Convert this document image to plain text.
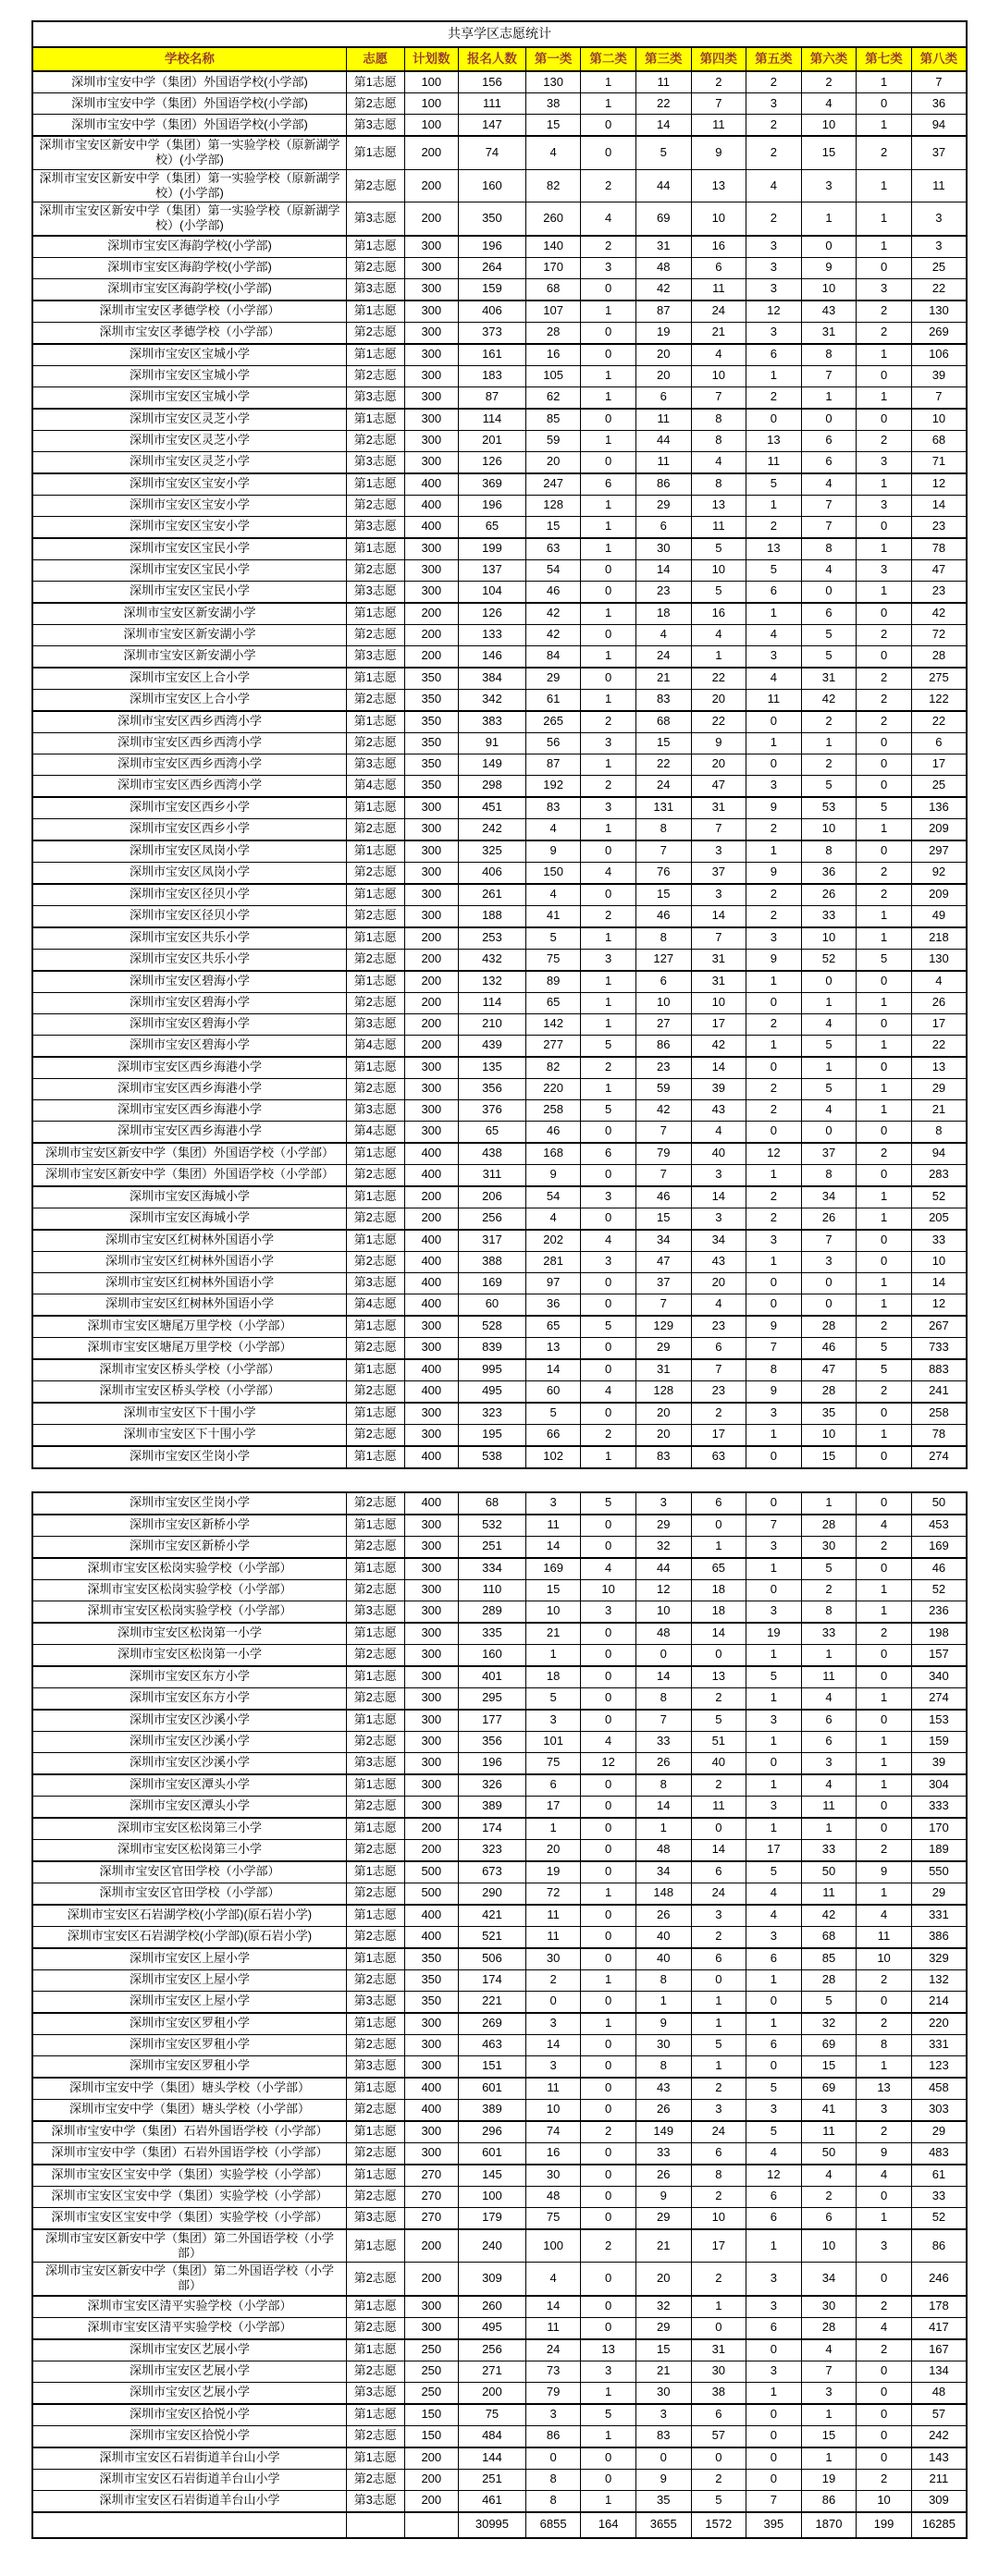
共享学区志愿统计											
学校名称	志愿	计划数	报名人数	第一类	第二类	第三类	第四类	第五类	第六类	第七类	第八类
深圳市宝安中学（集团）外国语学校(小学部)	第1志愿	100	156	130	1	11	2	2	2	1	7
深圳市宝安中学（集团）外国语学校(小学部)	第2志愿	100	111	38	1	22	7	3	4	0	36
深圳市宝安中学（集团）外国语学校(小学部)	第3志愿	100	147	15	0	14	11	2	10	1	94
深圳市宝安区新安中学（集团）第一实验学校（原新湖学校）(小学部)	第1志愿	200	74	4	0	5	9	2	15	2	37
深圳市宝安区新安中学（集团）第一实验学校（原新湖学校）(小学部)	第2志愿	200	160	82	2	44	13	4	3	1	11
深圳市宝安区新安中学（集团）第一实验学校（原新湖学校）(小学部)	第3志愿	200	350	260	4	69	10	2	1	1	3
深圳市宝安区海韵学校(小学部)	第1志愿	300	196	140	2	31	16	3	0	1	3
深圳市宝安区海韵学校(小学部)	第2志愿	300	264	170	3	48	6	3	9	0	25
深圳市宝安区海韵学校(小学部)	第3志愿	300	159	68	0	42	11	3	10	3	22
深圳市宝安区孝德学校（小学部）	第1志愿	300	406	107	1	87	24	12	43	2	130
深圳市宝安区孝德学校（小学部）	第2志愿	300	373	28	0	19	21	3	31	2	269
深圳市宝安区宝城小学	第1志愿	300	161	16	0	20	4	6	8	1	106
深圳市宝安区宝城小学	第2志愿	300	183	105	1	20	10	1	7	0	39
深圳市宝安区宝城小学	第3志愿	300	87	62	1	6	7	2	1	1	7
深圳市宝安区灵芝小学	第1志愿	300	114	85	0	11	8	0	0	0	10
深圳市宝安区灵芝小学	第2志愿	300	201	59	1	44	8	13	6	2	68
深圳市宝安区灵芝小学	第3志愿	300	126	20	0	11	4	11	6	3	71
深圳市宝安区宝安小学	第1志愿	400	369	247	6	86	8	5	4	1	12
深圳市宝安区宝安小学	第2志愿	400	196	128	1	29	13	1	7	3	14
深圳市宝安区宝安小学	第3志愿	400	65	15	1	6	11	2	7	0	23
深圳市宝安区宝民小学	第1志愿	300	199	63	1	30	5	13	8	1	78
深圳市宝安区宝民小学	第2志愿	300	137	54	0	14	10	5	4	3	47
深圳市宝安区宝民小学	第3志愿	300	104	46	0	23	5	6	0	1	23
深圳市宝安区新安湖小学	第1志愿	200	126	42	1	18	16	1	6	0	42
深圳市宝安区新安湖小学	第2志愿	200	133	42	0	4	4	4	5	2	72
深圳市宝安区新安湖小学	第3志愿	200	146	84	1	24	1	3	5	0	28
深圳市宝安区上合小学	第1志愿	350	384	29	0	21	22	4	31	2	275
深圳市宝安区上合小学	第2志愿	350	342	61	1	83	20	11	42	2	122
深圳市宝安区西乡西湾小学	第1志愿	350	383	265	2	68	22	0	2	2	22
深圳市宝安区西乡西湾小学	第2志愿	350	91	56	3	15	9	1	1	0	6
深圳市宝安区西乡西湾小学	第3志愿	350	149	87	1	22	20	0	2	0	17
深圳市宝安区西乡西湾小学	第4志愿	350	298	192	2	24	47	3	5	0	25
深圳市宝安区西乡小学	第1志愿	300	451	83	3	131	31	9	53	5	136
深圳市宝安区西乡小学	第2志愿	300	242	4	1	8	7	2	10	1	209
深圳市宝安区凤岗小学	第1志愿	300	325	9	0	7	3	1	8	0	297
深圳市宝安区凤岗小学	第2志愿	300	406	150	4	76	37	9	36	2	92
深圳市宝安区径贝小学	第1志愿	300	261	4	0	15	3	2	26	2	209
深圳市宝安区径贝小学	第2志愿	300	188	41	2	46	14	2	33	1	49
深圳市宝安区共乐小学	第1志愿	200	253	5	1	8	7	3	10	1	218
深圳市宝安区共乐小学	第2志愿	200	432	75	3	127	31	9	52	5	130
深圳市宝安区碧海小学	第1志愿	200	132	89	1	6	31	1	0	0	4
深圳市宝安区碧海小学	第2志愿	200	114	65	1	10	10	0	1	1	26
深圳市宝安区碧海小学	第3志愿	200	210	142	1	27	17	2	4	0	17
深圳市宝安区碧海小学	第4志愿	200	439	277	5	86	42	1	5	1	22
深圳市宝安区西乡海港小学	第1志愿	300	135	82	2	23	14	0	1	0	13
深圳市宝安区西乡海港小学	第2志愿	300	356	220	1	59	39	2	5	1	29
深圳市宝安区西乡海港小学	第3志愿	300	376	258	5	42	43	2	4	1	21
深圳市宝安区西乡海港小学	第4志愿	300	65	46	0	7	4	0	0	0	8
深圳市宝安区新安中学（集团）外国语学校（小学部）	第1志愿	400	438	168	6	79	40	12	37	2	94
深圳市宝安区新安中学（集团）外国语学校（小学部）	第2志愿	400	311	9	0	7	3	1	8	0	283
深圳市宝安区海城小学	第1志愿	200	206	54	3	46	14	2	34	1	52
深圳市宝安区海城小学	第2志愿	200	256	4	0	15	3	2	26	1	205
深圳市宝安区红树林外国语小学	第1志愿	400	317	202	4	34	34	3	7	0	33
深圳市宝安区红树林外国语小学	第2志愿	400	388	281	3	47	43	1	3	0	10
深圳市宝安区红树林外国语小学	第3志愿	400	169	97	0	37	20	0	0	1	14
深圳市宝安区红树林外国语小学	第4志愿	400	60	36	0	7	4	0	0	1	12
深圳市宝安区塘尾万里学校（小学部）	第1志愿	300	528	65	5	129	23	9	28	2	267
深圳市宝安区塘尾万里学校（小学部）	第2志愿	300	839	13	0	29	6	7	46	5	733
深圳市宝安区桥头学校（小学部）	第1志愿	400	995	14	0	31	7	8	47	5	883
深圳市宝安区桥头学校（小学部）	第2志愿	400	495	60	4	128	23	9	28	2	241
深圳市宝安区下十围小学	第1志愿	300	323	5	0	20	2	3	35	0	258
深圳市宝安区下十围小学	第2志愿	300	195	66	2	20	17	1	10	1	78
深圳市宝安区坣岗小学	第1志愿	400	538	102	1	83	63	0	15	0	274
深圳市宝安区坣岗小学	第2志愿	400	68	3	5	3	6	0	1	0	50
深圳市宝安区新桥小学	第1志愿	300	532	11	0	29	0	7	28	4	453
深圳市宝安区新桥小学	第2志愿	300	251	14	0	32	1	3	30	2	169
深圳市宝安区松岗实验学校（小学部）	第1志愿	300	334	169	4	44	65	1	5	0	46
深圳市宝安区松岗实验学校（小学部）	第2志愿	300	110	15	10	12	18	0	2	1	52
深圳市宝安区松岗实验学校（小学部）	第3志愿	300	289	10	3	10	18	3	8	1	236
深圳市宝安区松岗第一小学	第1志愿	300	335	21	0	48	14	19	33	2	198
深圳市宝安区松岗第一小学	第2志愿	300	160	1	0	0	0	1	1	0	157
深圳市宝安区东方小学	第1志愿	300	401	18	0	14	13	5	11	0	340
深圳市宝安区东方小学	第2志愿	300	295	5	0	8	2	1	4	1	274
深圳市宝安区沙溪小学	第1志愿	300	177	3	0	7	5	3	6	0	153
深圳市宝安区沙溪小学	第2志愿	300	356	101	4	33	51	1	6	1	159
深圳市宝安区沙溪小学	第3志愿	300	196	75	12	26	40	0	3	1	39
深圳市宝安区潭头小学	第1志愿	300	326	6	0	8	2	1	4	1	304
深圳市宝安区潭头小学	第2志愿	300	389	17	0	14	11	3	11	0	333
深圳市宝安区松岗第三小学	第1志愿	200	174	1	0	1	0	1	1	0	170
深圳市宝安区松岗第三小学	第2志愿	200	323	20	0	48	14	17	33	2	189
深圳市宝安区官田学校（小学部）	第1志愿	500	673	19	0	34	6	5	50	9	550
深圳市宝安区官田学校（小学部）	第2志愿	500	290	72	1	148	24	4	11	1	29
深圳市宝安区石岩湖学校(小学部)(原石岩小学)	第1志愿	400	421	11	0	26	3	4	42	4	331
深圳市宝安区石岩湖学校(小学部)(原石岩小学)	第2志愿	400	521	11	0	40	2	3	68	11	386
深圳市宝安区上屋小学	第1志愿	350	506	30	0	40	6	6	85	10	329
深圳市宝安区上屋小学	第2志愿	350	174	2	1	8	0	1	28	2	132
深圳市宝安区上屋小学	第3志愿	350	221	0	0	1	1	0	5	0	214
深圳市宝安区罗租小学	第1志愿	300	269	3	1	9	1	1	32	2	220
深圳市宝安区罗租小学	第2志愿	300	463	14	0	30	5	6	69	8	331
深圳市宝安区罗租小学	第3志愿	300	151	3	0	8	1	0	15	1	123
深圳市宝安中学（集团）塘头学校（小学部）	第1志愿	400	601	11	0	43	2	5	69	13	458
深圳市宝安中学（集团）塘头学校（小学部）	第2志愿	400	389	10	0	26	3	3	41	3	303
深圳市宝安中学（集团）石岩外国语学校（小学部）	第1志愿	300	296	74	2	149	24	5	11	2	29
深圳市宝安中学（集团）石岩外国语学校（小学部）	第2志愿	300	601	16	0	33	6	4	50	9	483
深圳市宝安区宝安中学（集团）实验学校（小学部）	第1志愿	270	145	30	0	26	8	12	4	4	61
深圳市宝安区宝安中学（集团）实验学校（小学部）	第2志愿	270	100	48	0	9	2	6	2	0	33
深圳市宝安区宝安中学（集团）实验学校（小学部）	第3志愿	270	179	75	0	29	10	6	6	1	52
深圳市宝安区新安中学（集团）第二外国语学校（小学部）	第1志愿	200	240	100	2	21	17	1	10	3	86
深圳市宝安区新安中学（集团）第二外国语学校（小学部）	第2志愿	200	309	4	0	20	2	3	34	0	246
深圳市宝安区清平实验学校（小学部）	第1志愿	300	260	14	0	32	1	3	30	2	178
深圳市宝安区清平实验学校（小学部）	第2志愿	300	495	11	0	29	0	6	28	4	417
深圳市宝安区艺展小学	第1志愿	250	256	24	13	15	31	0	4	2	167
深圳市宝安区艺展小学	第2志愿	250	271	73	3	21	30	3	7	0	134
深圳市宝安区艺展小学	第3志愿	250	200	79	1	30	38	1	3	0	48
深圳市宝安区拾悦小学	第1志愿	150	75	3	5	3	6	0	1	0	57
深圳市宝安区拾悦小学	第2志愿	150	484	86	1	83	57	0	15	0	242
深圳市宝安区石岩街道羊台山小学	第1志愿	200	144	0	0	0	0	0	1	0	143
深圳市宝安区石岩街道羊台山小学	第2志愿	200	251	8	0	9	2	0	19	2	211
深圳市宝安区石岩街道羊台山小学	第3志愿	200	461	8	1	35	5	7	86	10	309
			30995	6855	164	3655	1572	395	1870	199	16285
